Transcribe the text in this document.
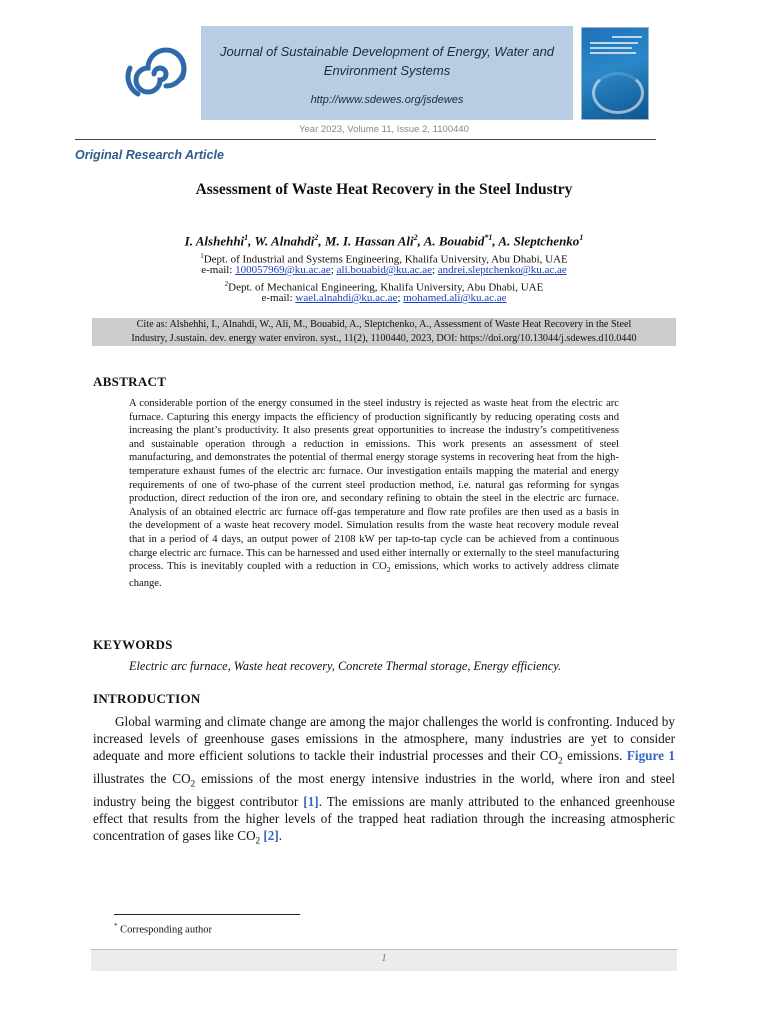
Journal of Sustainable Development of Energy, Water and Environment Systems
http://www.sdewes.org/jsdewes
Year 2023, Volume 11, Issue 2, 1100440
Original Research Article
Assessment of Waste Heat Recovery in the Steel Industry
I. Alshehhi$^1$, W. Alnahdi$^2$, M. I. Hassan Ali$^2$, A. Bouabid$^{*1}$, A. Sleptchenko$^1$
$^1$Dept. of Industrial and Systems Engineering, Khalifa University, Abu Dhabi, UAE
e-mail: 100057969@ku.ac.ae; ali.bouabid@ku.ac.ae; andrei.sleptchenko@ku.ac.ae
$^2$Dept. of Mechanical Engineering, Khalifa University, Abu Dhabi, UAE
e-mail: wael.alnahdi@ku.ac.ae; mohamed.ali@ku.ac.ae
Cite as: Alshehhi, I., Alnahdi, W., Ali, M., Bouabid, A., Sleptchenko, A., Assessment of Waste Heat Recovery in the Steel
Industry, J.sustain. dev. energy water environ. syst., 11(2), 1100440, 2023, DOI: https://doi.org/10.13044/j.sdewes.d10.0440
ABSTRACT
A considerable portion of the energy consumed in the steel industry is rejected as waste heat from the electric arc furnace. Capturing this energy impacts the efficiency of production significantly by reducing operating costs and increasing the plant’s productivity. It also presents great opportunities to increase the industry’s competitiveness and sustainable operation through a reduction in emissions. This work presents an assessment of steel manufacturing, and demonstrates the potential of thermal energy storage systems in recovering heat from the high-temperature exhaust fumes of the electric arc furnace. Our investigation entails mapping the material and energy requirements of one of two-phase of the current steel production method, i.e. natural gas reforming for syngas production, direct reduction of the iron ore, and secondary refining to obtain the steel in the electric arc furnace. Analysis of an obtained electric arc furnace off-gas temperature and flow rate profiles are then used as a basis in the development of a waste heat recovery model. Simulation results from the waste heat recovery module reveal that in a period of 4 days, an output power of 2108 kW per tap-to-tap cycle can be achieved from a continuous charge electric arc furnace. This can be harnessed and used either internally or externally to the steel manufacturing process. This is inevitably coupled with a reduction in $CO_2$ emissions, which works to actively address climate change.
KEYWORDS
Electric arc furnace, Waste heat recovery, Concrete Thermal storage, Energy efficiency.
INTRODUCTION
Global warming and climate change are among the major challenges the world is confronting. Induced by increased levels of greenhouse gases emissions in the atmosphere, many industries are yet to consider adequate and more efficient solutions to tackle their industrial processes and their $CO_2$ emissions. Figure 1 illustrates the $CO_2$ emissions of the most energy intensive industries in the world, where iron and steel industry being the biggest contributor [1]. The emissions are manly attributed to the enhanced greenhouse effect that results from the higher levels of the trapped heat radiation through the increasing atmospheric concentration of gases like $CO_2$ [2].
* Corresponding author
1
